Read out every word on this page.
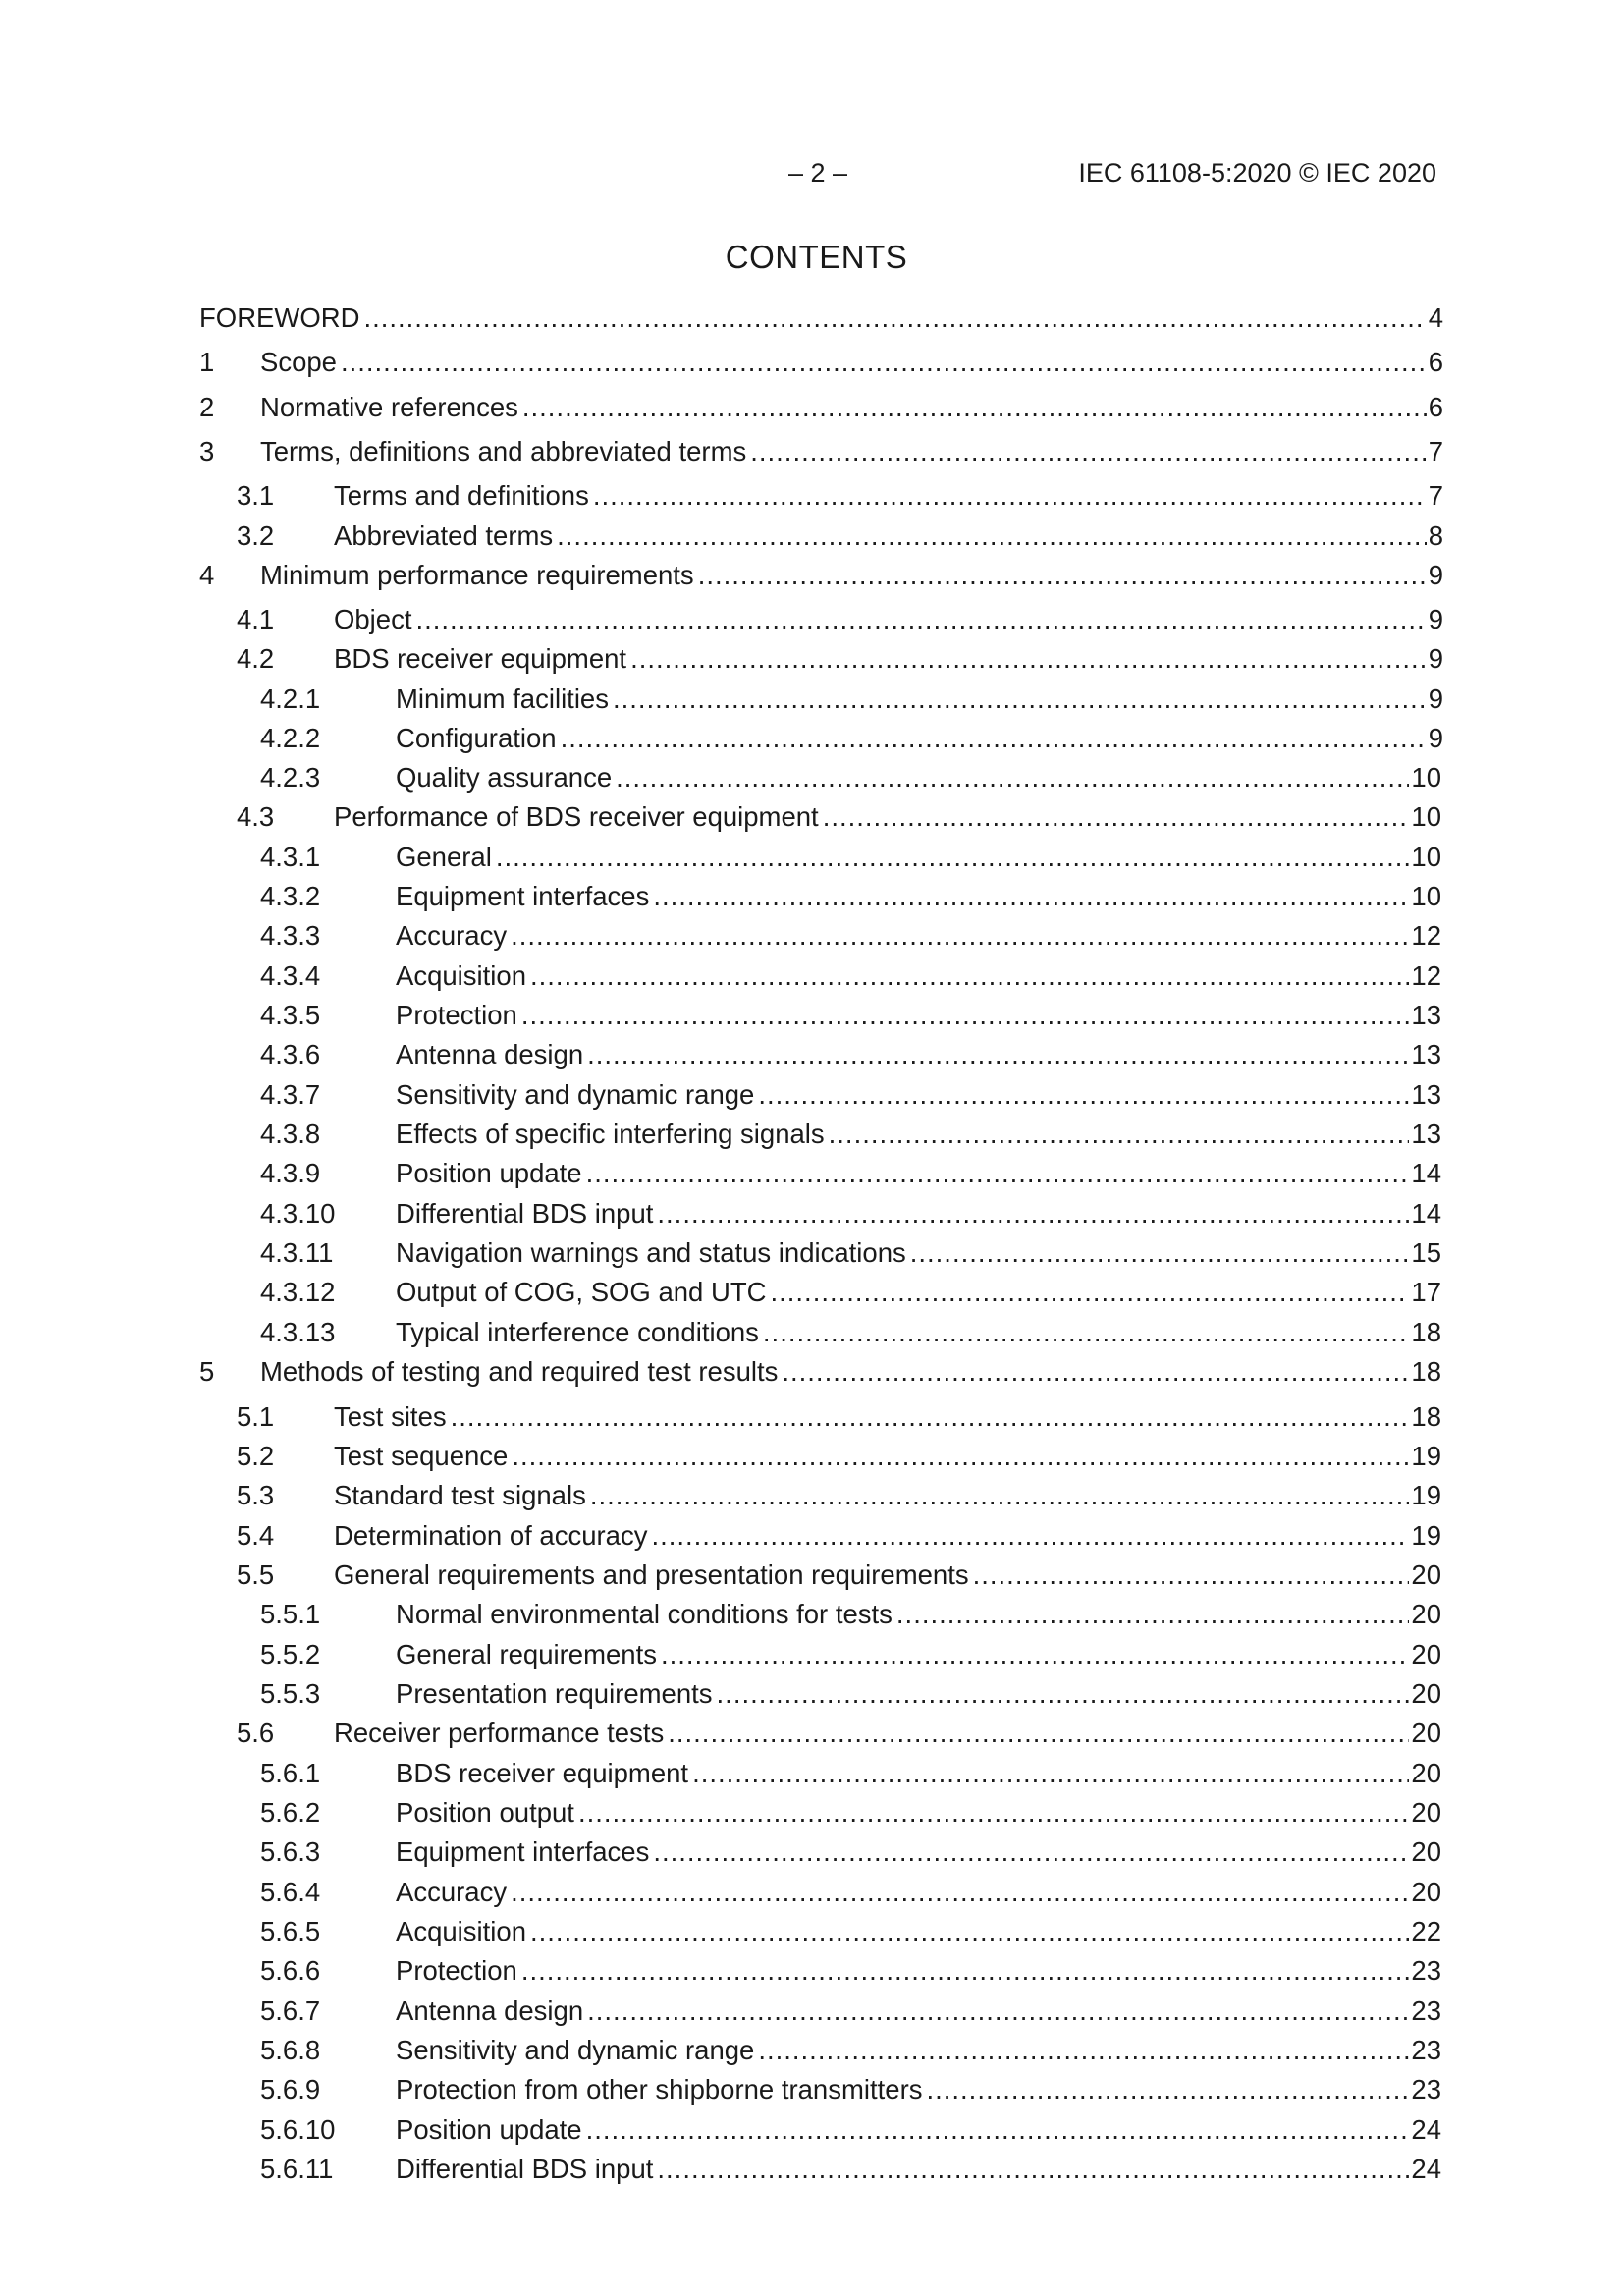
– 2 –	IEC 61108-5:2020 © IEC 2020
CONTENTS
FOREWORD .....	4
1	Scope .....	6
2	Normative references .....	6
3	Terms, definitions and abbreviated terms .....	7
3.1	Terms and definitions .....	7
3.2	Abbreviated terms .....	8
4	Minimum performance requirements .....	9
4.1	Object .....	9
4.2	BDS receiver equipment .....	9
4.2.1	Minimum facilities .....	9
4.2.2	Configuration .....	9
4.2.3	Quality assurance .....	10
4.3	Performance of BDS receiver equipment .....	10
4.3.1	General .....	10
4.3.2	Equipment interfaces .....	10
4.3.3	Accuracy .....	12
4.3.4	Acquisition .....	12
4.3.5	Protection .....	13
4.3.6	Antenna design .....	13
4.3.7	Sensitivity and dynamic range .....	13
4.3.8	Effects of specific interfering signals .....	13
4.3.9	Position update .....	14
4.3.10	Differential BDS input .....	14
4.3.11	Navigation warnings and status indications .....	15
4.3.12	Output of COG, SOG and UTC .....	17
4.3.13	Typical interference conditions .....	18
5	Methods of testing and required test results .....	18
5.1	Test sites .....	18
5.2	Test sequence .....	19
5.3	Standard test signals .....	19
5.4	Determination of accuracy .....	19
5.5	General requirements and presentation requirements .....	20
5.5.1	Normal environmental conditions for tests .....	20
5.5.2	General requirements .....	20
5.5.3	Presentation requirements .....	20
5.6	Receiver performance tests .....	20
5.6.1	BDS receiver equipment .....	20
5.6.2	Position output .....	20
5.6.3	Equipment interfaces .....	20
5.6.4	Accuracy .....	20
5.6.5	Acquisition .....	22
5.6.6	Protection .....	23
5.6.7	Antenna design .....	23
5.6.8	Sensitivity and dynamic range .....	23
5.6.9	Protection from other shipborne transmitters .....	23
5.6.10	Position update .....	24
5.6.11	Differential BDS input .....	24
